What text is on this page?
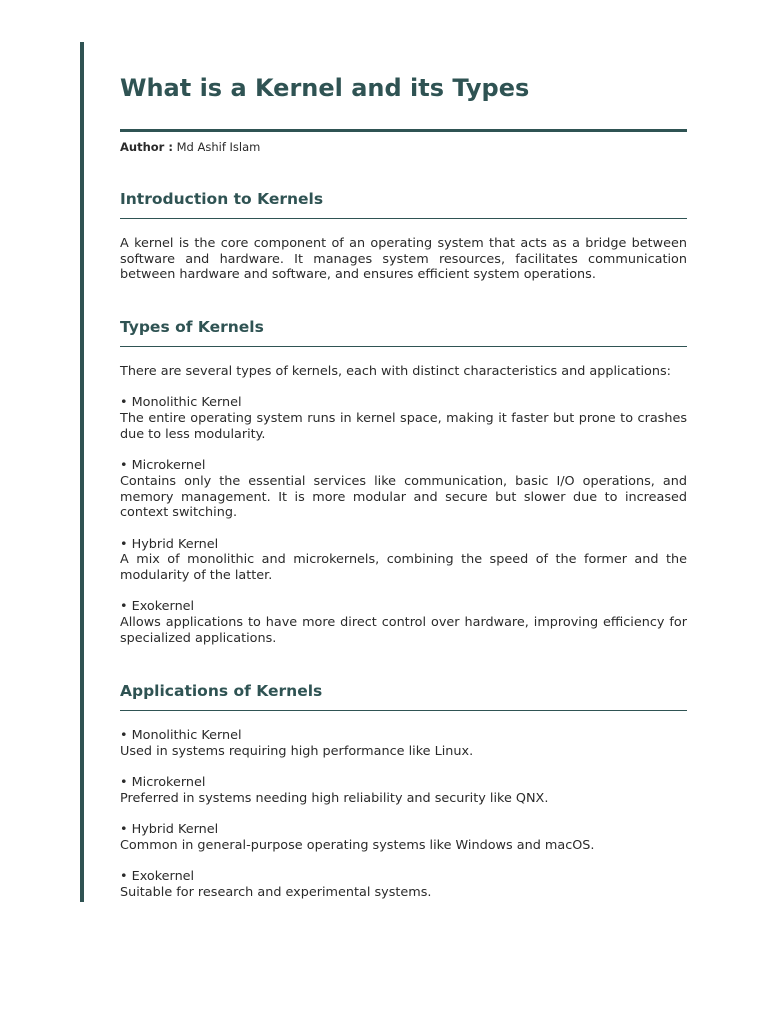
What is a Kernel and its Types
Author : Md Ashif Islam
Introduction to Kernels

A kernel is the core component of an operating system that acts as a bridge between software and hardware. It manages system resources, facilitates communication between hardware and software, and ensures efficient system operations.

Types of Kernels

There are several types of kernels, each with distinct characteristics and applications:

• Monolithic Kernel
The entire operating system runs in kernel space, making it faster but prone to crashes due to less modularity.
• Microkernel
Contains only the essential services like communication, basic I/O operations, and memory management. It is more modular and secure but slower due to increased context switching.
• Hybrid Kernel
A mix of monolithic and microkernels, combining the speed of the former and the modularity of the latter.
• Exokernel
Allows applications to have more direct control over hardware, improving efficiency for specialized applications.
Applications of Kernels
• Monolithic Kernel
Used in systems requiring high performance like Linux.
• Microkernel
Preferred in systems needing high reliability and security like QNX.
• Hybrid Kernel
Common in general-purpose operating systems like Windows and macOS.
• Exokernel
Suitable for research and experimental systems.
